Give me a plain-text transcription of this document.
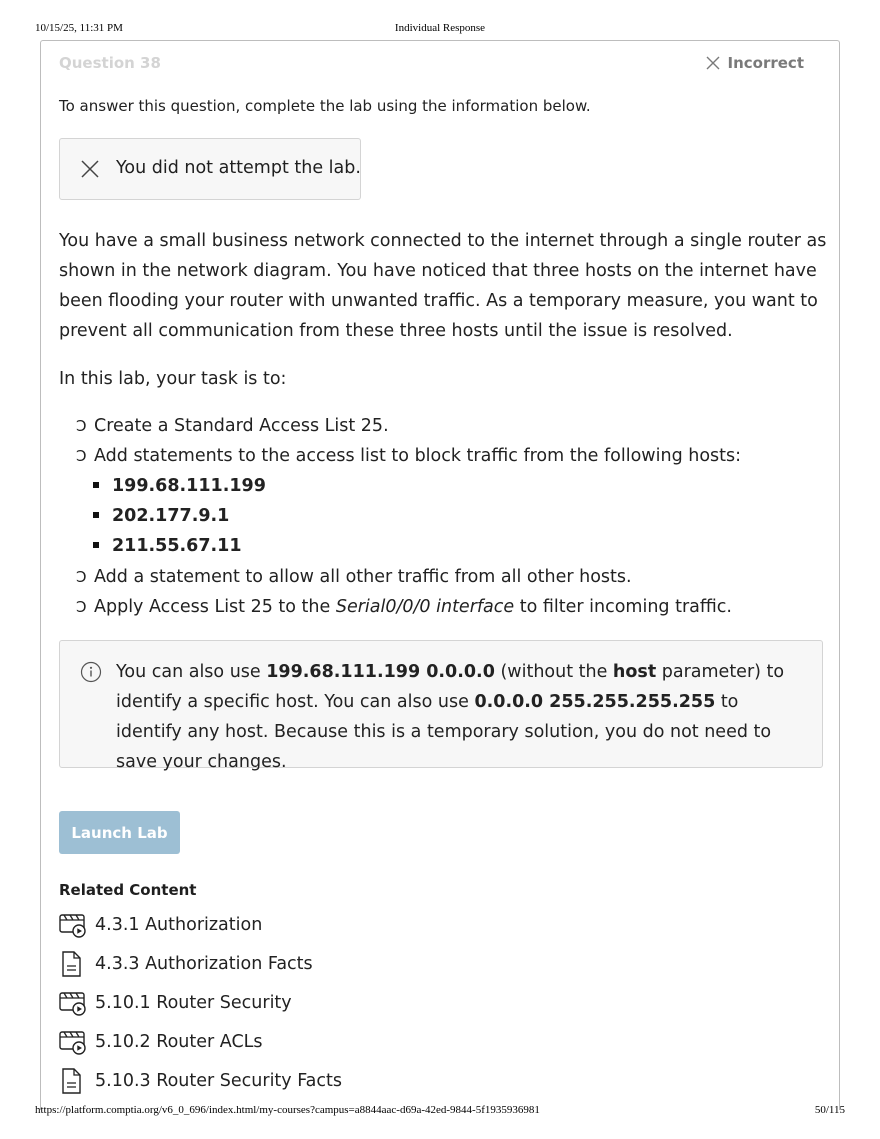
10/15/25, 11:31 PM	Individual Response
Question 38	Incorrect
To answer this question, complete the lab using the information below.
You did not attempt the lab.

You have a small business network connected to the internet through a single router as shown in the network diagram. You have noticed that three hosts on the internet have been flooding your router with unwanted traffic. As a temporary measure, you want to prevent all communication from these three hosts until the issue is resolved.

In this lab, your task is to:

Ↄ Create a Standard Access List 25.
Ↄ Add statements to the access list to block traffic from the following hosts:
199.68.111.199
202.177.9.1
211.55.67.11
Ↄ Add a statement to allow all other traffic from all other hosts.
Ↄ Apply Access List 25 to the Serial0/0/0 interface to filter incoming traffic.

You can also use 199.68.111.199 0.0.0.0 (without the host parameter) to identify a specific host. You can also use 0.0.0.0 255.255.255.255 to identify any host. Because this is a temporary solution, you do not need to save your changes.

Launch Lab
Related Content
4.3.1 Authorization
4.3.3 Authorization Facts
5.10.1 Router Security
5.10.2 Router ACLs
5.10.3 Router Security Facts
https://platform.comptia.org/v6_0_696/index.html/my-courses?campus=a8844aac-d69a-42ed-9844-5f1935936981	50/115
